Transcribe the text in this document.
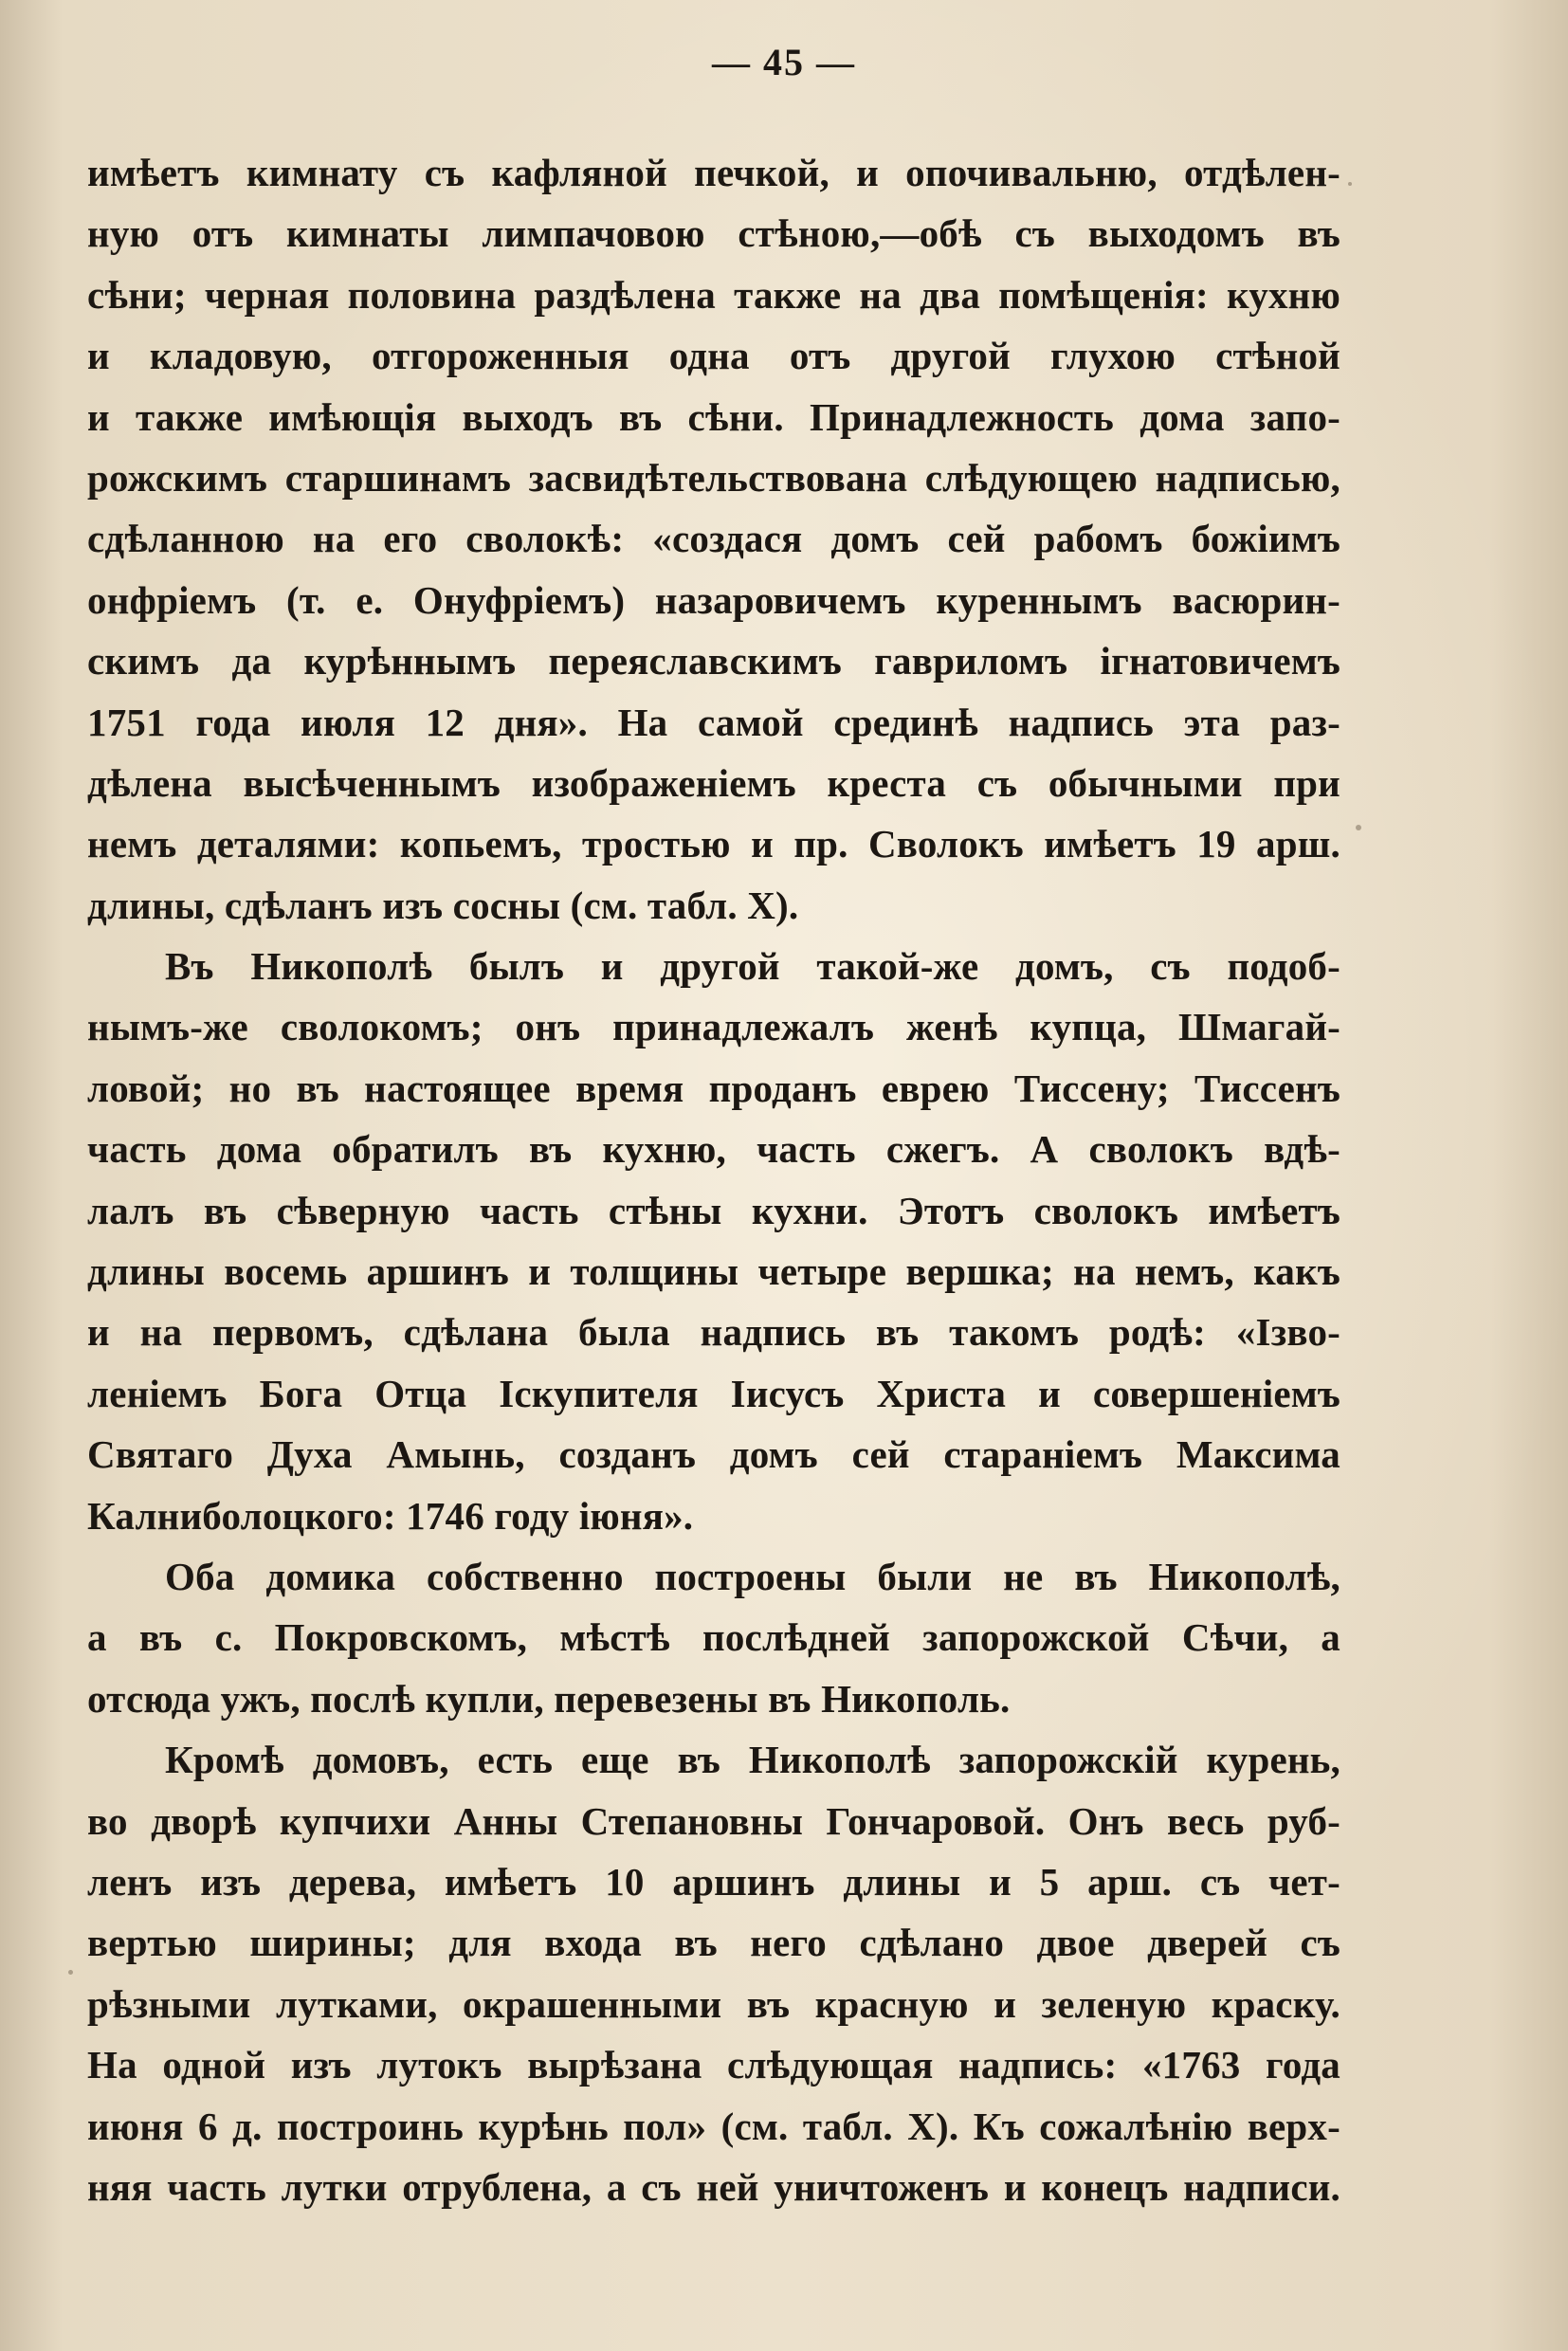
— 45 —
имѣетъ кимнату съ кафляной печкой, и опочивальню, отдѣлен-
ную отъ кимнаты лимпачовою стѣною,—обѣ съ выходомъ въ
сѣни; черная половина раздѣлена также на два помѣщенія: кухню
и кладовую, отгороженныя одна отъ другой глухою стѣной
и также имѣющія выходъ въ сѣни. Принадлежность дома запо-
рожскимъ старшинамъ засвидѣтельствована слѣдующею надписью,
сдѣланною на его сволокѣ: «создася домъ сей рабомъ божіимъ
онфріемъ (т. е. Онуфріемъ) назаровичемъ куреннымъ васюрин-
скимъ да курѣннымъ переяславскимъ гавриломъ ігнатовичемъ
1751 года июля 12 дня». На самой срединѣ надпись эта раз-
дѣлена высѣченнымъ изображеніемъ креста съ обычными при
немъ деталями: копьемъ, тростью и пр. Сволокъ имѣетъ 19 арш.
длины, сдѣланъ изъ сосны (см. табл. X).
Въ Никополѣ былъ и другой такой-же домъ, съ подоб-
нымъ-же сволокомъ; онъ принадлежалъ женѣ купца, Шмагай-
ловой; но въ настоящее время проданъ еврею Тиссену; Тиссенъ
часть дома обратилъ въ кухню, часть сжегъ. А сволокъ вдѣ-
лалъ въ сѣверную часть стѣны кухни. Этотъ сволокъ имѣетъ
длины восемь аршинъ и толщины четыре вершка; на немъ, какъ
и на первомъ, сдѣлана была надпись въ такомъ родѣ: «Ізво-
леніемъ Бога Отца Іскупителя Іисусъ Христа и совершеніемъ
Святаго Духа Амынь, созданъ домъ сей стараніемъ Максима
Калниболоцкого: 1746 году іюня».
Оба домика собственно построены были не въ Никополѣ,
а въ с. Покровскомъ, мѣстѣ послѣдней запорожской Сѣчи, а
отсюда ужъ, послѣ купли, перевезены въ Никополь.
Кромѣ домовъ, есть еще въ Никополѣ запорожскій курень,
во дворѣ купчихи Анны Степановны Гончаровой. Онъ весь руб-
ленъ изъ дерева, имѣетъ 10 аршинъ длины и 5 арш. съ чет-
вертью ширины; для входа въ него сдѣлано двое дверей съ
рѣзными лутками, окрашенными въ красную и зеленую краску.
На одной изъ лутокъ вырѣзана слѣдующая надпись: «1763 года
июня 6 д. построинь курѣнь пол» (см. табл. X). Къ сожалѣнію верх-
няя часть лутки отрублена, а съ ней уничтоженъ и конецъ надписи.
